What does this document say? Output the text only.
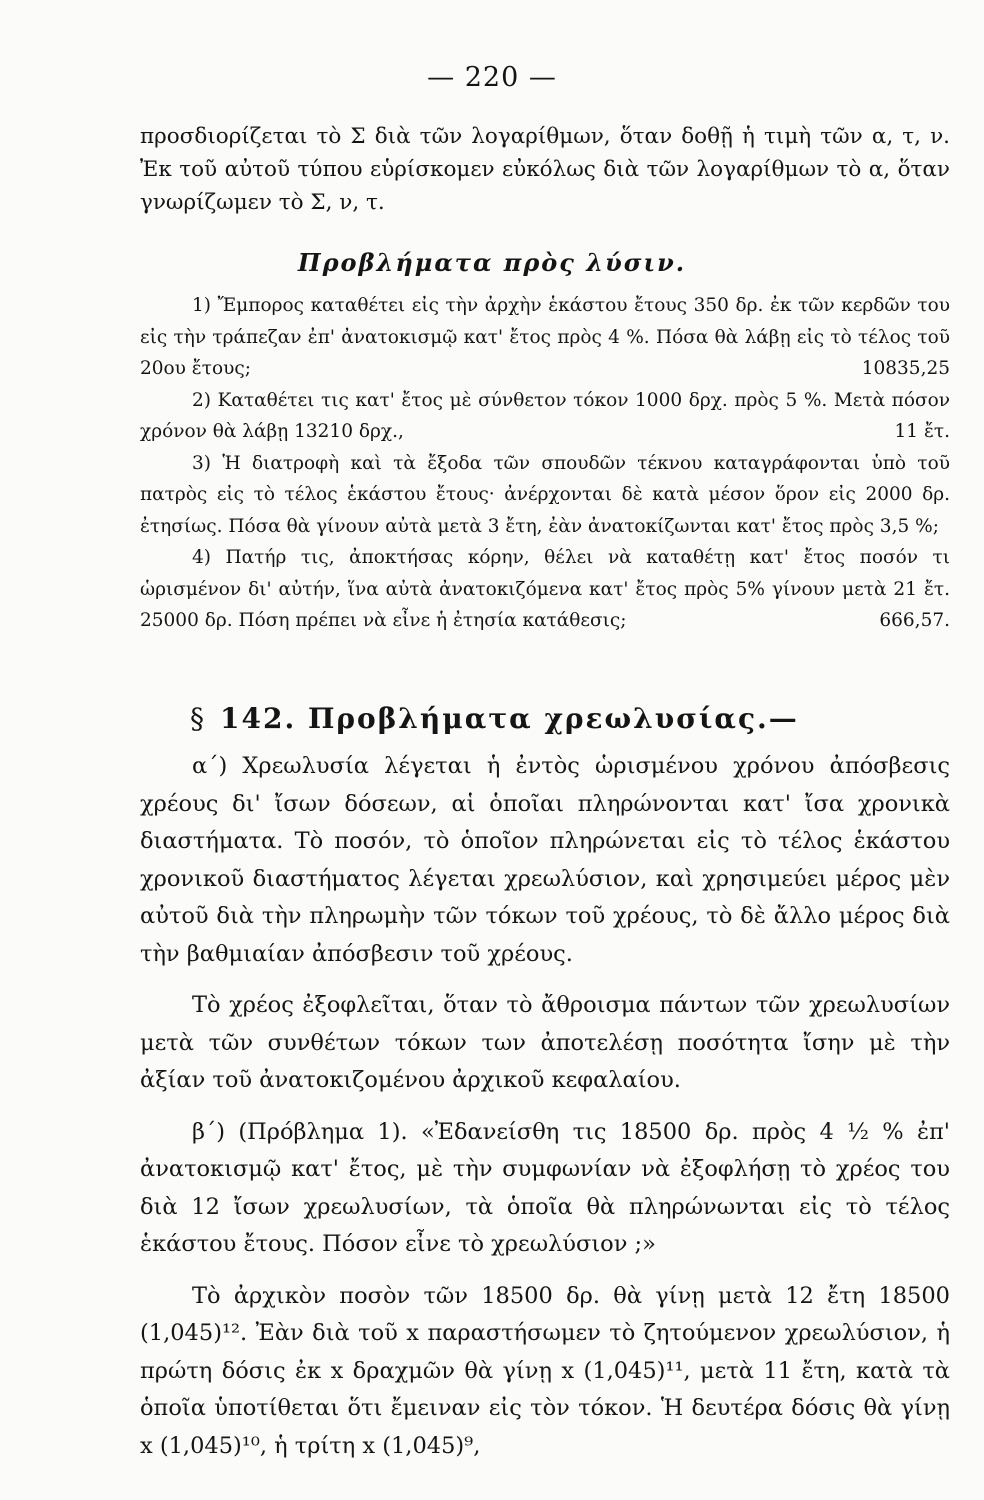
— 220 —

προσδιορίζεται τὸ Σ διὰ τῶν λογαρίθμων, ὅταν δοθῇ ἡ τιμὴ τῶν α, τ, ν. Ἐκ τοῦ αὐτοῦ τύπου εὑρίσκομεν εὐκόλως διὰ τῶν λογαρίθμων τὸ α, ὅταν γνωρίζωμεν τὸ Σ, ν, τ.

Προβλήματα πρὸς λύσιν.

1) Ἔμπορος καταθέτει εἰς τὴν ἀρχὴν ἑκάστου ἔτους 350 δρ. ἐκ τῶν κερδῶν του εἰς τὴν τράπεζαν ἐπ' ἀνατοκισμῷ κατ' ἔτος πρὸς 4 %. Πόσα θὰ λάβῃ εἰς τὸ τέλος τοῦ 20ου ἔτους;	10835,25

2) Καταθέτει τις κατ' ἔτος μὲ σύνθετον τόκον 1000 δρχ. πρὸς 5 %. Μετὰ πόσον χρόνον θὰ λάβῃ 13210 δρχ.,	11 ἔτ.

3) Ἡ διατροφὴ καὶ τὰ ἔξοδα τῶν σπουδῶν τέκνου καταγράφονται ὑπὸ τοῦ πατρὸς εἰς τὸ τέλος ἑκάστου ἔτους· ἀνέρχονται δὲ κατὰ μέσον ὅρον εἰς 2000 δρ. ἐτησίως. Πόσα θὰ γίνουν αὐτὰ μετὰ 3 ἔτη, ἐὰν ἀνατοκίζωνται κατ' ἔτος πρὸς 3,5 %;

4) Πατήρ τις, ἀποκτήσας κόρην, θέλει νὰ καταθέτῃ κατ' ἔτος ποσόν τι ὡρισμένον δι' αὐτήν, ἵνα αὐτὰ ἀνατοκιζόμενα κατ' ἔτος πρὸς 5% γίνουν μετὰ 21 ἔτ. 25000 δρ. Πόση πρέπει νὰ εἶνε ἡ ἐτησία κατάθεσις;	666,57.

§ 142. Προβλήματα χρεωλυσίας.—

α΄) Χρεωλυσία λέγεται ἡ ἐντὸς ὡρισμένου χρόνου ἀπόσβεσις χρέους δι' ἴσων δόσεων, αἱ ὁποῖαι πληρώνονται κατ' ἴσα χρονικὰ διαστήματα. Τὸ ποσόν, τὸ ὁποῖον πληρώνεται εἰς τὸ τέλος ἑκάστου χρονικοῦ διαστήματος λέγεται χρεωλύσιον, καὶ χρησιμεύει μέρος μὲν αὐτοῦ διὰ τὴν πληρωμὴν τῶν τόκων τοῦ χρέους, τὸ δὲ ἄλλο μέρος διὰ τὴν βαθμιαίαν ἀπόσβεσιν τοῦ χρέους.

Τὸ χρέος ἐξοφλεῖται, ὅταν τὸ ἄθροισμα πάντων τῶν χρεωλυσίων μετὰ τῶν συνθέτων τόκων των ἀποτελέσῃ ποσότητα ἴσην μὲ τὴν ἀξίαν τοῦ ἀνατοκιζομένου ἀρχικοῦ κεφαλαίου.

β΄) (Πρόβλημα 1). «Ἐδανείσθη τις 18500 δρ. πρὸς 4 ½ % ἐπ' ἀνατοκισμῷ κατ' ἔτος, μὲ τὴν συμφωνίαν νὰ ἐξοφλήσῃ τὸ χρέος του διὰ 12 ἴσων χρεωλυσίων, τὰ ὁποῖα θὰ πληρώνωνται εἰς τὸ τέλος ἑκάστου ἔτους. Πόσον εἶνε τὸ χρεωλύσιον ;»

Τὸ ἀρχικὸν ποσὸν τῶν 18500 δρ. θὰ γίνῃ μετὰ 12 ἔτη 18500 (1,045)¹². Ἐὰν διὰ τοῦ x παραστήσωμεν τὸ ζητούμενον χρεωλύσιον, ἡ πρώτη δόσις ἐκ x δραχμῶν θὰ γίνῃ x (1,045)¹¹, μετὰ 11 ἔτη, κατὰ τὰ ὁποῖα ὑποτίθεται ὅτι ἔμειναν εἰς τὸν τόκον. Ἡ δευτέρα δόσις θὰ γίνῃ x (1,045)¹⁰, ἡ τρίτη x (1,045)⁹,
